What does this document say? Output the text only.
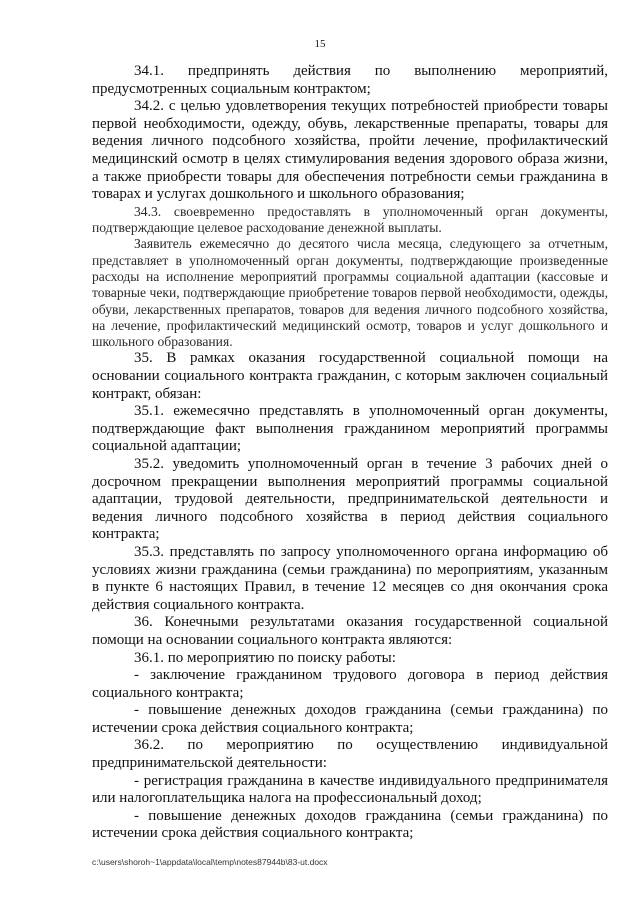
15

34.1. предпринять действия по выполнению мероприятий, предусмотренных социальным контрактом;

34.2. с целью удовлетворения текущих потребностей приобрести товары первой необходимости, одежду, обувь, лекарственные препараты, товары для ведения личного подсобного хозяйства, пройти лечение, профилактический медицинский осмотр в целях стимулирования ведения здорового образа жизни, а также приобрести товары для обеспечения потребности семьи гражданина в товарах и услугах дошкольного и школьного образования;

34.3. своевременно предоставлять в уполномоченный орган документы, подтверждающие целевое расходование денежной выплаты.

Заявитель ежемесячно до десятого числа месяца, следующего за отчетным, представляет в уполномоченный орган документы, подтверждающие произведенные расходы на исполнение мероприятий программы социальной адаптации (кассовые и товарные чеки, подтверждающие приобретение товаров первой необходимости, одежды, обуви, лекарственных препаратов, товаров для ведения личного подсобного хозяйства, на лечение, профилактический медицинский осмотр, товаров и услуг дошкольного и школьного образования.

35. В рамках оказания государственной социальной помощи на основании социального контракта гражданин, с которым заключен социальный контракт, обязан:

35.1. ежемесячно представлять в уполномоченный орган документы, подтверждающие факт выполнения гражданином мероприятий программы социальной адаптации;

35.2. уведомить уполномоченный орган в течение 3 рабочих дней о досрочном прекращении выполнения мероприятий программы социальной адаптации, трудовой деятельности, предпринимательской деятельности и ведения личного подсобного хозяйства в период действия социального контракта;

35.3. представлять по запросу уполномоченного органа информацию об условиях жизни гражданина (семьи гражданина) по мероприятиям, указанным в пункте 6 настоящих Правил, в течение 12 месяцев со дня окончания срока действия социального контракта.

36. Конечными результатами оказания государственной социальной помощи на основании социального контракта являются:

36.1. по мероприятию по поиску работы:

- заключение гражданином трудового договора в период действия социального контракта;

- повышение денежных доходов гражданина (семьи гражданина) по истечении срока действия социального контракта;

36.2. по мероприятию по осуществлению индивидуальной предпринимательской деятельности:

- регистрация гражданина в качестве индивидуального предпринимателя или налогоплательщика налога на профессиональный доход;

- повышение денежных доходов гражданина (семьи гражданина) по истечении срока действия социального контракта;

c:\users\shoroh~1\appdata\local\temp\notes87944b\83-ut.docx
